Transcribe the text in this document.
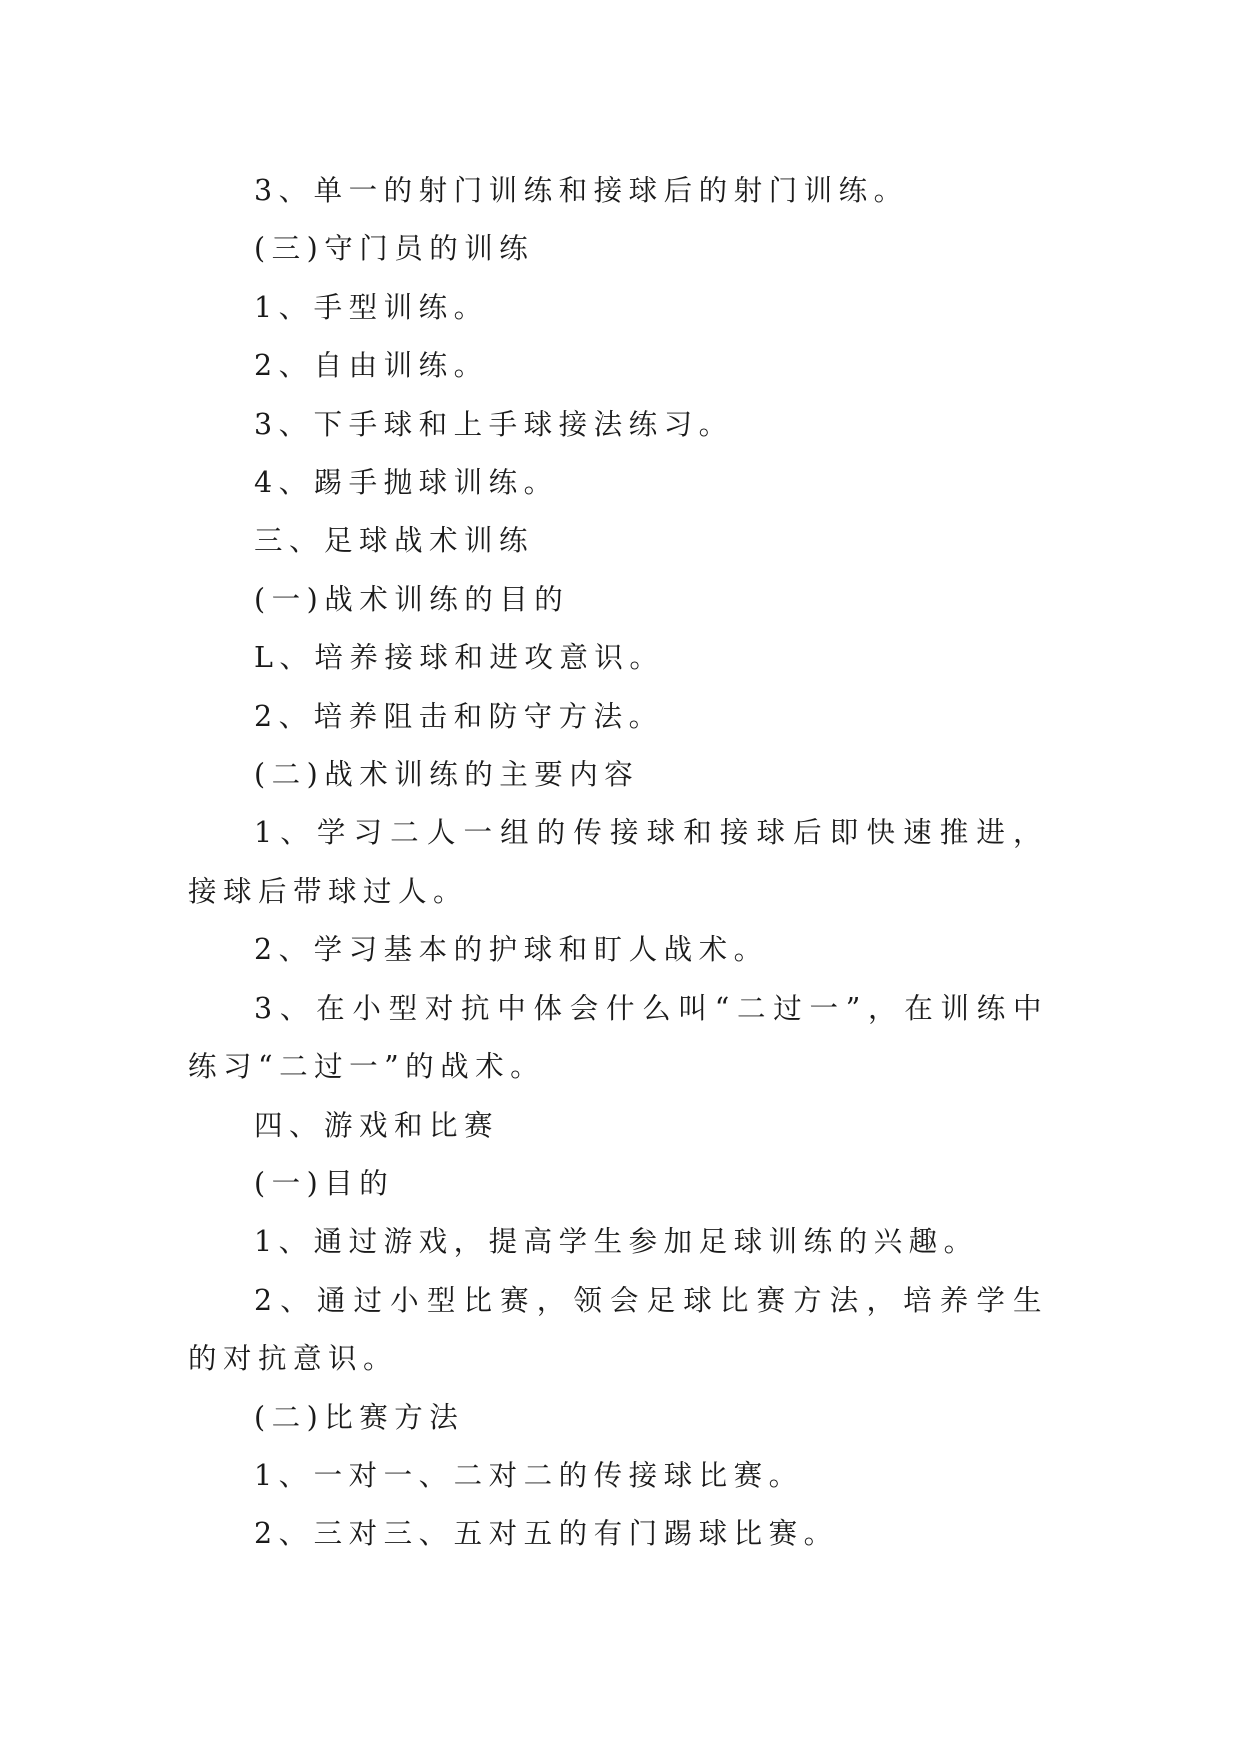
3、单一的射门训练和接球后的射门训练。

(三)守门员的训练

1、手型训练。

2、自由训练。

3、下手球和上手球接法练习。

4、踢手抛球训练。

三、足球战术训练

(一)战术训练的目的

L、培养接球和进攻意识。

2、培养阻击和防守方法。

(二)战术训练的主要内容

1、学习二人一组的传接球和接球后即快速推进，接球后带球过人。

2、学习基本的护球和盯人战术。

3、在小型对抗中体会什么叫“二过一”，在训练中练习“二过一”的战术。

四、游戏和比赛

(一)目的

1、通过游戏，提高学生参加足球训练的兴趣。

2、通过小型比赛，领会足球比赛方法，培养学生的对抗意识。

(二)比赛方法

1、一对一、二对二的传接球比赛。

2、三对三、五对五的有门踢球比赛。
